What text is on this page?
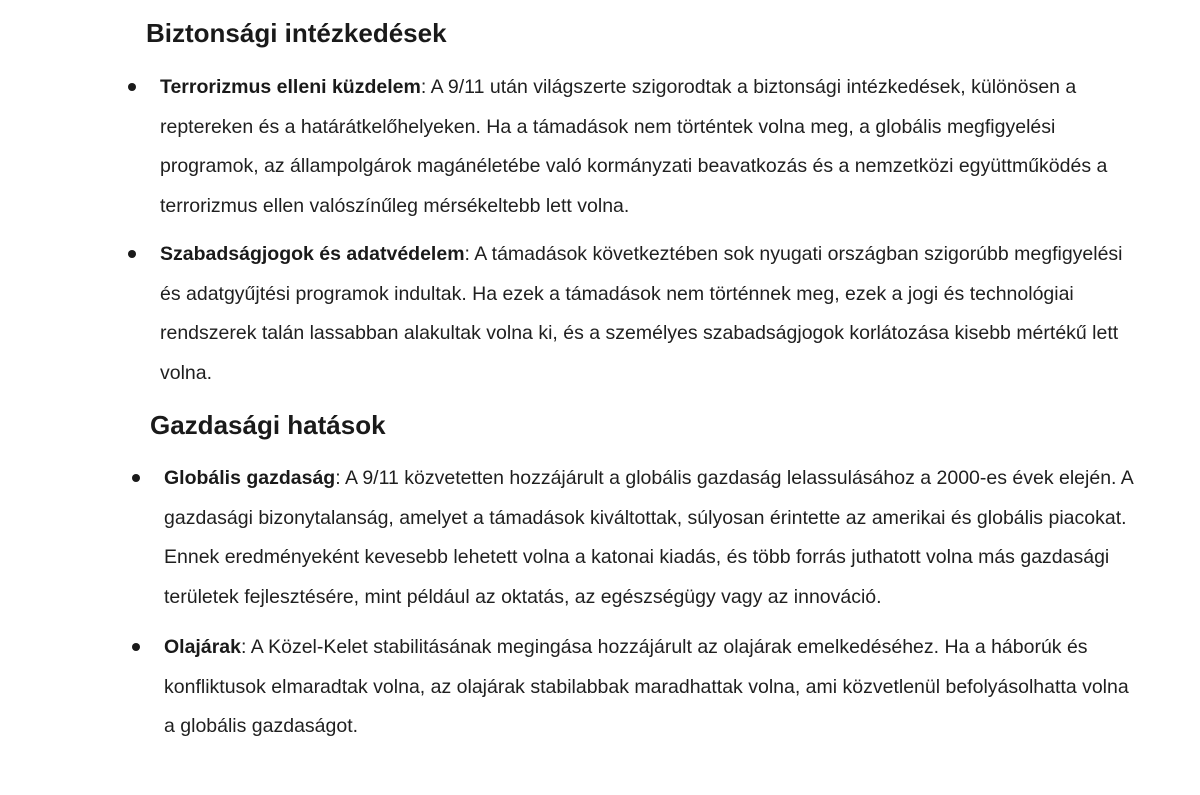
Biztonsági intézkedések
Terrorizmus elleni küzdelem: A 9/11 után világszerte szigorodtak a biztonsági intézkedések, különösen a reptereken és a határátkelőhelyeken. Ha a támadások nem történtek volna meg, a globális megfigyelési programok, az állampolgárok magánéletébe való kormányzati beavatkozás és a nemzetközi együttműködés a terrorizmus ellen valószínűleg mérsékeltebb lett volna.
Szabadságjogok és adatvédelem: A támadások következtében sok nyugati országban szigorúbb megfigyelési és adatgyűjtési programok indultak. Ha ezek a támadások nem történnek meg, ezek a jogi és technológiai rendszerek talán lassabban alakultak volna ki, és a személyes szabadságjogok korlátozása kisebb mértékű lett volna.
Gazdasági hatások
Globális gazdaság: A 9/11 közvetetten hozzájárult a globális gazdaság lelassulásához a 2000-es évek elején. A gazdasági bizonytalanság, amelyet a támadások kiváltottak, súlyosan érintette az amerikai és globális piacokat. Ennek eredményeként kevesebb lehetett volna a katonai kiadás, és több forrás juthatott volna más gazdasági területek fejlesztésére, mint például az oktatás, az egészségügy vagy az innováció.
Olajárak: A Közel-Kelet stabilitásának megingása hozzájárult az olajárak emelkedéséhez. Ha a háborúk és konfliktusok elmaradtak volna, az olajárak stabilabbak maradhattak volna, ami közvetlenül befolyásolhatta volna a globális gazdaságot.
